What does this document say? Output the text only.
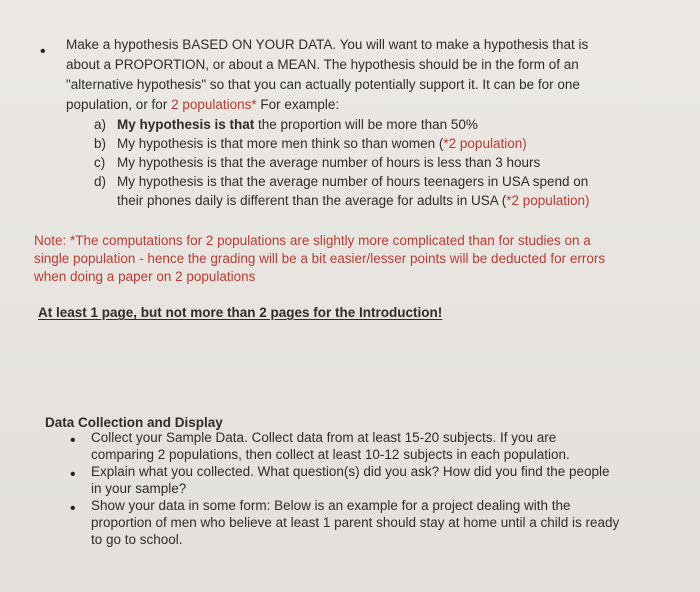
• Make a hypothesis BASED ON YOUR DATA. You will want to make a hypothesis that is
about a PROPORTION, or about a MEAN. The hypothesis should be in the form of an
"alternative hypothesis" so that you can actually potentially support it. It can be for one
population, or for 2 populations* For example:
a) My hypothesis is that the proportion will be more than 50%
b) My hypothesis is that more men think so than women (*2 population)
c) My hypothesis is that the average number of hours is less than 3 hours
d) My hypothesis is that the average number of hours teenagers in USA spend on
their phones daily is different than the average for adults in USA (*2 population)
Note: *The computations for 2 populations are slightly more complicated than for studies on a
single population - hence the grading will be a bit easier/lesser points will be deducted for errors
when doing a paper on 2 populations
At least 1 page, but not more than 2 pages for the Introduction!
Data Collection and Display
• Collect your Sample Data. Collect data from at least 15-20 subjects. If you are
comparing 2 populations, then collect at least 10-12 subjects in each population.
• Explain what you collected. What question(s) did you ask? How did you find the people
in your sample?
• Show your data in some form: Below is an example for a project dealing with the
proportion of men who believe at least 1 parent should stay at home until a child is ready
to go to school.
